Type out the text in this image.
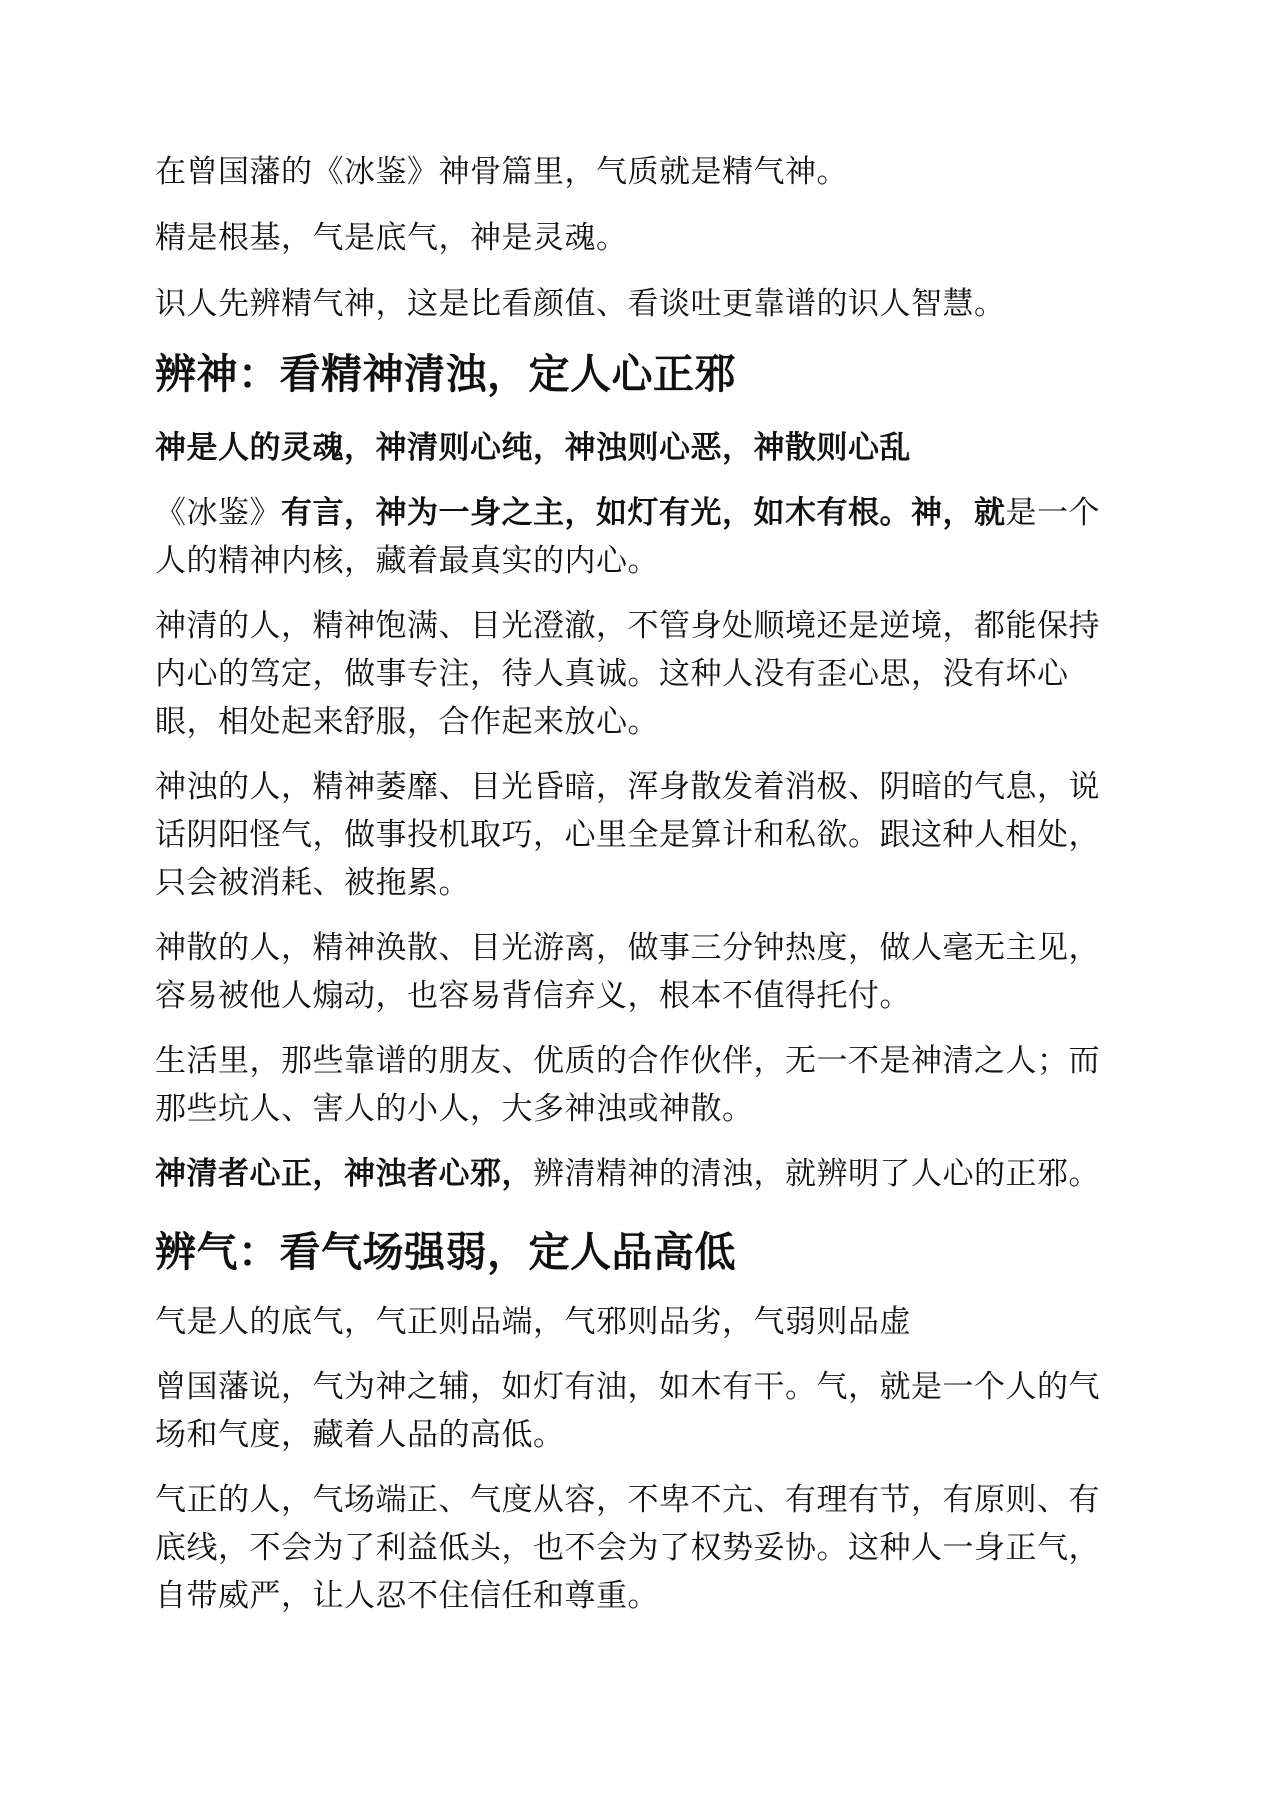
在曾国藩的《冰鉴》神骨篇里，气质就是精气神。

精是根基，气是底气，神是灵魂。

识人先辨精气神，这是比看颜值、看谈吐更靠谱的识人智慧。

辨神：看精神清浊，定人心正邪

神是人的灵魂，神清则心纯，神浊则心恶，神散则心乱

《冰鉴》有言，神为一身之主，如灯有光，如木有根。神，就是一个人的精神内核，藏着最真实的内心。

神清的人，精神饱满、目光澄澈，不管身处顺境还是逆境，都能保持内心的笃定，做事专注，待人真诚。这种人没有歪心思，没有坏心眼，相处起来舒服，合作起来放心。

神浊的人，精神萎靡、目光昏暗，浑身散发着消极、阴暗的气息，说话阴阳怪气，做事投机取巧，心里全是算计和私欲。跟这种人相处，只会被消耗、被拖累。

神散的人，精神涣散、目光游离，做事三分钟热度，做人毫无主见，容易被他人煽动，也容易背信弃义，根本不值得托付。

生活里，那些靠谱的朋友、优质的合作伙伴，无一不是神清之人；而那些坑人、害人的小人，大多神浊或神散。

神清者心正，神浊者心邪，辨清精神的清浊，就辨明了人心的正邪。

辨气：看气场强弱，定人品高低

气是人的底气，气正则品端，气邪则品劣，气弱则品虚

曾国藩说，气为神之辅，如灯有油，如木有干。气，就是一个人的气场和气度，藏着人品的高低。

气正的人，气场端正、气度从容，不卑不亢、有理有节，有原则、有底线，不会为了利益低头，也不会为了权势妥协。这种人一身正气，自带威严，让人忍不住信任和尊重。
